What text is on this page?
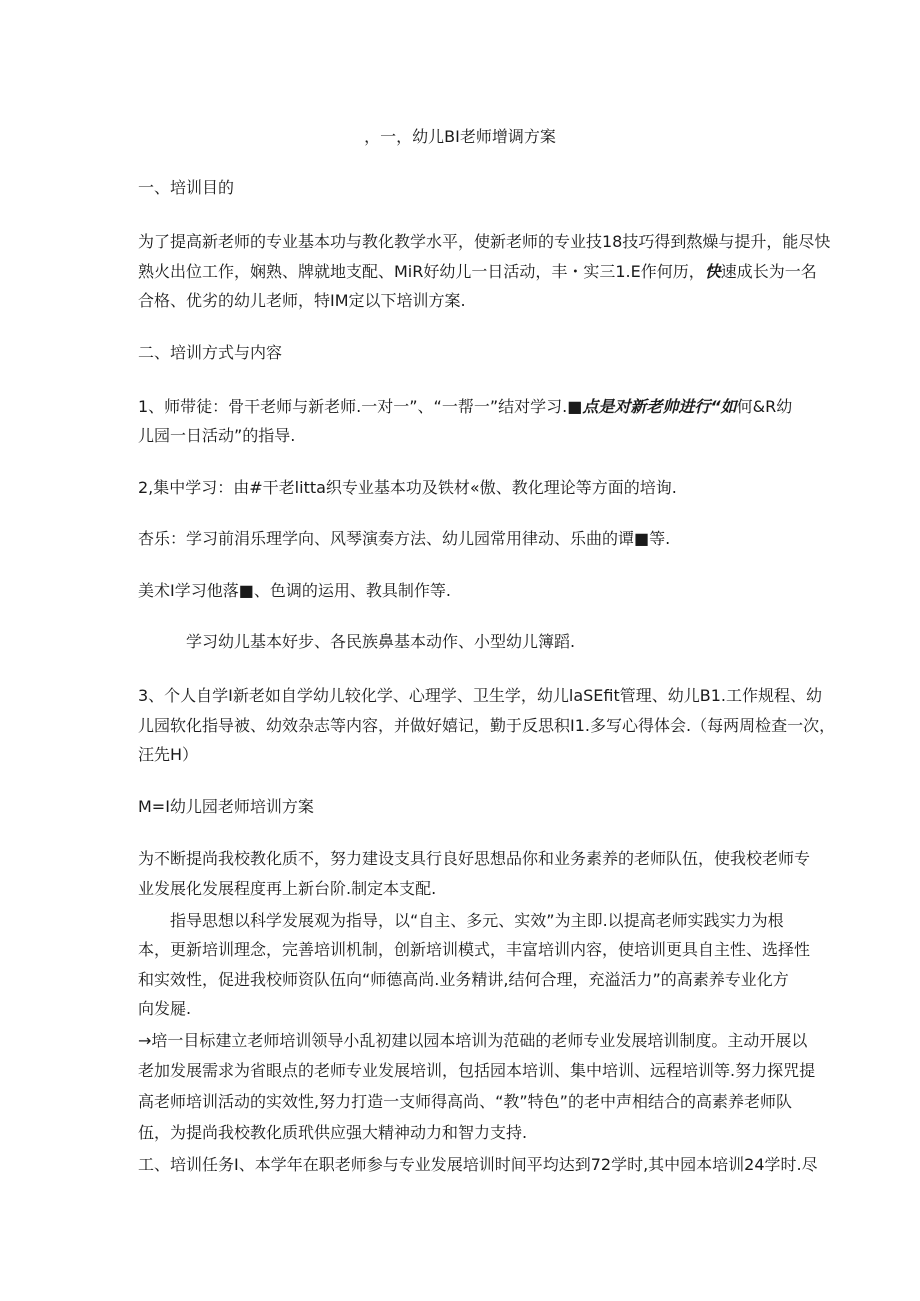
，一，幼儿BI老师增调方案
一、培训目的
为了提高新老师的专业基本功与教化教学水平，使新老师的专业技18技巧得到熬燥与提升，能尽快
熟火出位工作，娴熟、牌就地支配、MiR好幼儿一日活动，丰・实三1.E作何历，快速成长为一名
合格、优劣的幼儿老师，特IM定以下培训方案.
二、培训方式与内容
1、师带徒：骨干老师与新老师.一对一”、“一帮一”结对学习.■点是对新老帅进行“如何&R幼
儿园一日活动”的指导.
2,集中学习：由#干老litta织专业基本功及铁材«傲、教化理论等方面的培询.
杏乐：学习前涓乐理学向、风琴演奏方法、幼儿园常用律动、乐曲的谭■等.
美术I学习他落■、色调的运用、教具制作等.
学习幼儿基本好步、各民族鼻基本动作、小型幼儿簿蹈.
3、个人自学I新老如自学幼儿较化学、心理学、卫生学，幼儿laSEfit管理、幼儿B1.工作规程、幼
儿园软化指导被、幼效杂志等内容，并做好嬉记，勤于反思积I1.多写心得体会.（每两周检查一次，
汪先H）
M=I幼儿园老师培训方案
为不断提尚我校教化质不，努力建设支具行良好思想品你和业务素养的老师队伍，使我校老师专
业发展化发展程度再上新台阶.制定本支配.
指导思想以科学发展观为指导，以“自主、多元、实效”为主即.以提高老师实践实力为根
本，更新培训理念，完善培训机制，创新培训模式，丰富培训内容，使培训更具自主性、选择性
和实效性，促进我校师资队伍向“师德高尚.业务精讲,结何合理，充溢活力”的高素养专业化方
向发屣.
→培一目标建立老师培训领导小乱初建以园本培训为范础的老师专业发展培训制度。主动开展以
老加发展需求为省眼点的老师专业发展培训，包括园本培训、集中培训、远程培训等.努力探咒提
高老师培训活动的实效性,努力打造一支师得高尚、“教”特色”的老中声相结合的高素养老师队
伍，为提尚我校教化质玳供应强大精神动力和智力支持.
工、培训任务I、本学年在职老师参与专业发展培训时间平均达到72学时,其中园本培训24学时.尽
